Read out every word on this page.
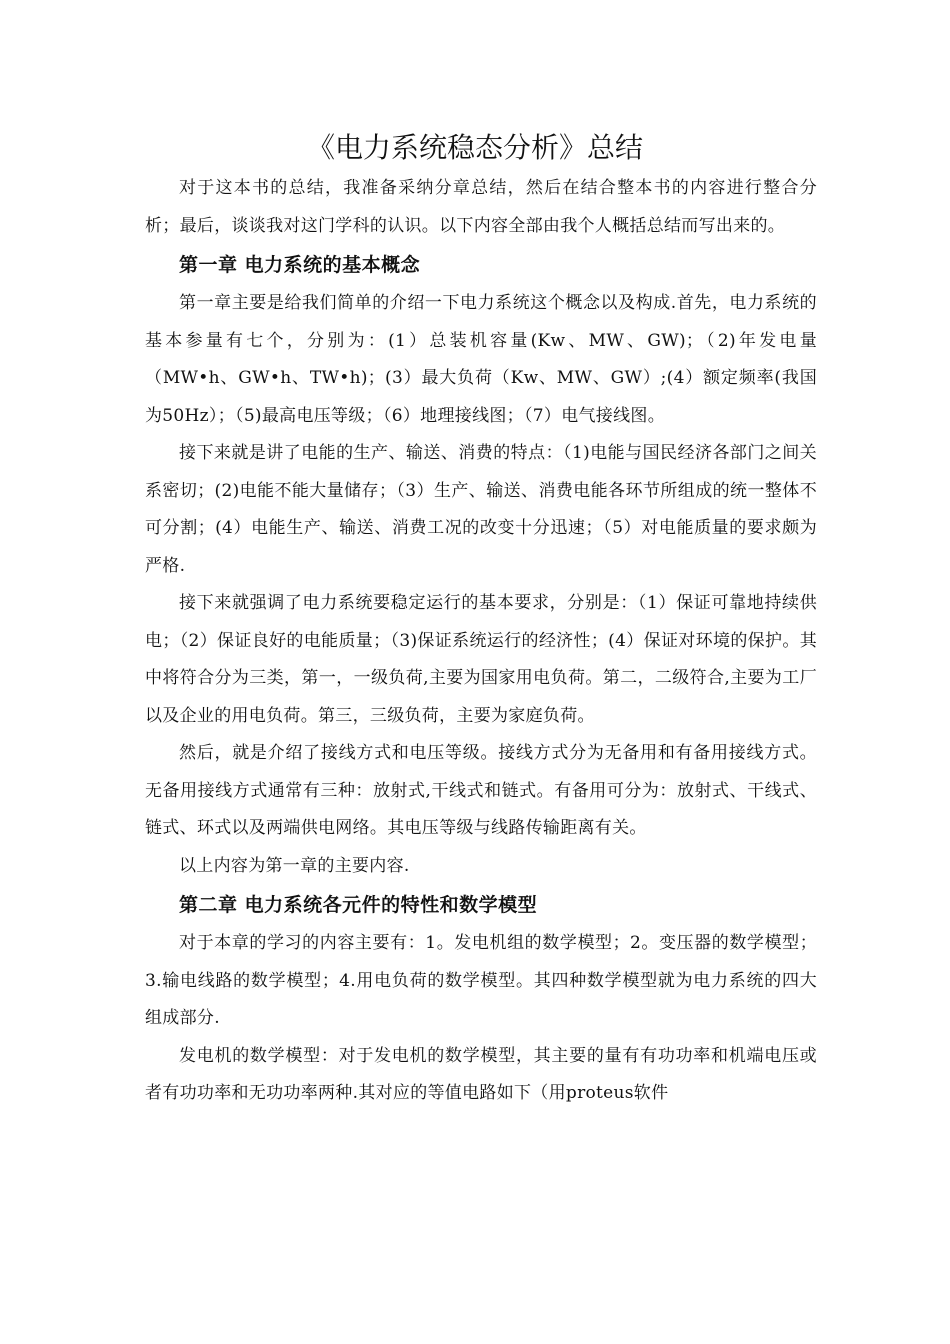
《电力系统稳态分析》总结

对于这本书的总结，我准备采纳分章总结，然后在结合整本书的内容进行整合分析；最后，谈谈我对这门学科的认识。以下内容全部由我个人概括总结而写出来的。

第一章 电力系统的基本概念

第一章主要是给我们简单的介绍一下电力系统这个概念以及构成.首先，电力系统的基本参量有七个，分别为：(1）总装机容量(Kw、MW、GW)；（2)年发电量（MW•h、GW•h、TW•h)；(3）最大负荷（Kw、MW、GW）;(4）额定频率(我国为50Hz）；（5)最高电压等级；（6）地理接线图；（7）电气接线图。

接下来就是讲了电能的生产、输送、消费的特点：（1)电能与国民经济各部门之间关系密切；(2)电能不能大量储存；（3）生产、输送、消费电能各环节所组成的统一整体不可分割；(4）电能生产、输送、消费工况的改变十分迅速；（5）对电能质量的要求颇为严格.

接下来就强调了电力系统要稳定运行的基本要求，分别是：（1）保证可靠地持续供电；（2）保证良好的电能质量；（3)保证系统运行的经济性；(4）保证对环境的保护。其中将符合分为三类，第一，一级负荷,主要为国家用电负荷。第二，二级符合,主要为工厂以及企业的用电负荷。第三，三级负荷，主要为家庭负荷。

然后，就是介绍了接线方式和电压等级。接线方式分为无备用和有备用接线方式。无备用接线方式通常有三种：放射式,干线式和链式。有备用可分为：放射式、干线式、链式、环式以及两端供电网络。其电压等级与线路传输距离有关。

以上内容为第一章的主要内容.

第二章 电力系统各元件的特性和数学模型

对于本章的学习的内容主要有：1。发电机组的数学模型；2。变压器的数学模型；3.输电线路的数学模型；4.用电负荷的数学模型。其四种数学模型就为电力系统的四大组成部分.

发电机的数学模型：对于发电机的数学模型，其主要的量有有功功率和机端电压或者有功功率和无功功率两种.其对应的等值电路如下（用proteus软件
